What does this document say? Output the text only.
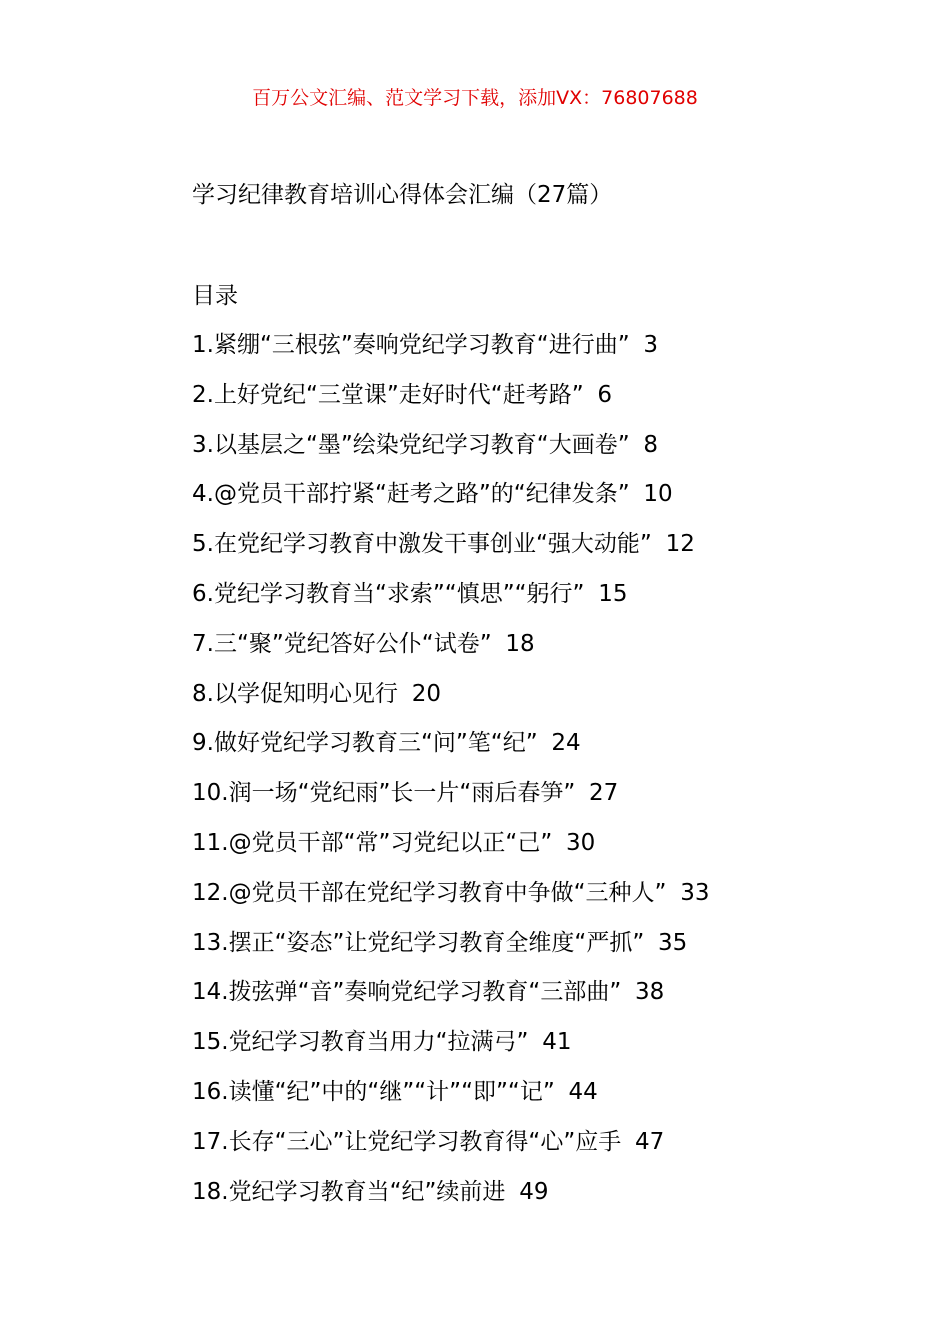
百万公文汇编、范文学习下载，添加VX：76807688
学习纪律教育培训心得体会汇编（27篇）
目录
1.紧绷“三根弦”奏响党纪学习教育“进行曲” 3
2.上好党纪“三堂课”走好时代“赶考路” 6
3.以基层之“墨”绘染党纪学习教育“大画卷” 8
4.@党员干部拧紧“赶考之路”的“纪律发条” 10
5.在党纪学习教育中激发干事创业“强大动能” 12
6.党纪学习教育当“求索”“慎思”“躬行” 15
7.三“聚”党纪答好公仆“试卷” 18
8.以学促知明心见行 20
9.做好党纪学习教育三“问”笔“纪” 24
10.润一场“党纪雨”长一片“雨后春笋” 27
11.@党员干部“常”习党纪以正“己” 30
12.@党员干部在党纪学习教育中争做“三种人” 33
13.摆正“姿态”让党纪学习教育全维度“严抓” 35
14.拨弦弹“音”奏响党纪学习教育“三部曲” 38
15.党纪学习教育当用力“拉满弓” 41
16.读懂“纪”中的“继”“计”“即”“记” 44
17.长存“三心”让党纪学习教育得“心”应手 47
18.党纪学习教育当“纪”续前进 49
